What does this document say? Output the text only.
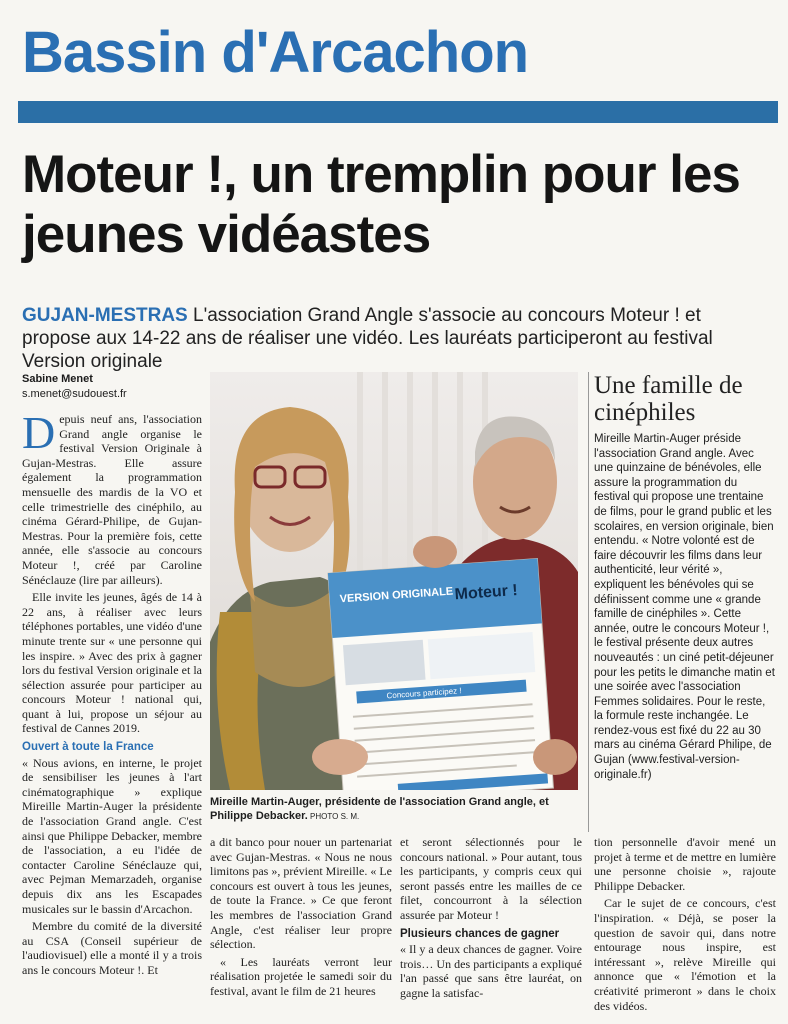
Bassin d'Arcachon
Moteur !, un tremplin pour les jeunes vidéastes

GUJAN-MESTRAS L'association Grand Angle s'associe au concours Moteur ! et propose aux 14-22 ans de réaliser une vidéo. Les lauréats participeront au festival Version originale

Sabine Menet
s.menet@sudouest.fr

Depuis neuf ans, l'association Grand angle organise le festival Version Originale à Gujan-Mestras. Elle assure également la programmation mensuelle des mardis de la VO et celle trimestrielle des cinéphilo, au cinéma Gérard-Philipe, de Gujan-Mestras. Pour la première fois, cette année, elle s'associe au concours Moteur !, créé par Caroline Sénéclauze (lire par ailleurs).

Elle invite les jeunes, âgés de 14 à 22 ans, à réaliser avec leurs téléphones portables, une vidéo d'une minute trente sur « une personne qui les inspire. » Avec des prix à gagner lors du festival Version originale et la sélection assurée pour participer au concours Moteur ! national qui, quant à lui, propose un séjour au festival de Cannes 2019.

Ouvert à toute la France

« Nous avions, en interne, le projet de sensibiliser les jeunes à l'art cinématographique » explique Mireille Martin-Auger la présidente de l'association Grand angle. C'est ainsi que Philippe Debacker, membre de l'association, a eu l'idée de contacter Caroline Sénéclauze qui, avec Pejman Memarzadeh, organise depuis dix ans les Escapades musicales sur le bassin d'Arcachon.

Membre du comité de la diversité au CSA (Conseil supérieur de l'audiovisuel) elle a monté il y a trois ans le concours Moteur !. Et

VERSION ORIGINALE Moteur !
Concours participez !
Mireille Martin-Auger, présidente de l'association Grand angle, et Philippe Debacker. PHOTO S. M.
Une famille de cinéphiles

Mireille Martin-Auger préside l'association Grand angle. Avec une quinzaine de bénévoles, elle assure la programmation du festival qui propose une trentaine de films, pour le grand public et les scolaires, en version originale, bien entendu. « Notre volonté est de faire découvrir les films dans leur authenticité, leur vérité », expliquent les bénévoles qui se définissent comme une « grande famille de cinéphiles ». Cette année, outre le concours Moteur !, le festival présente deux autres nouveautés : un ciné petit-déjeuner pour les petits le dimanche matin et une soirée avec l'association Femmes solidaires. Pour le reste, la formule reste inchangée. Le rendez-vous est fixé du 22 au 30 mars au cinéma Gérard Philipe, de Gujan (www.festival-version-originale.fr)

a dit banco pour nouer un partenariat avec Gujan-Mestras. « Nous ne nous limitons pas », prévient Mireille. « Le concours est ouvert à tous les jeunes, de toute la France. » Ce que feront les membres de l'association Grand Angle, c'est réaliser leur propre sélection.

« Les lauréats verront leur réalisation projetée le samedi soir du festival, avant le film de 21 heures

et seront sélectionnés pour le concours national. » Pour autant, tous les participants, y compris ceux qui seront passés entre les mailles de ce filet, concourront à la sélection assurée par Moteur !

Plusieurs chances de gagner

« Il y a deux chances de gagner. Voire trois… Un des participants a expliqué l'an passé que sans être lauréat, on gagne la satisfac-

tion personnelle d'avoir mené un projet à terme et de mettre en lumière une personne choisie », rajoute Philippe Debacker.

Car le sujet de ce concours, c'est l'inspiration. « Déjà, se poser la question de savoir qui, dans notre entourage nous inspire, est intéressant », relève Mireille qui annonce que « l'émotion et la créativité primeront » dans le choix des vidéos.
